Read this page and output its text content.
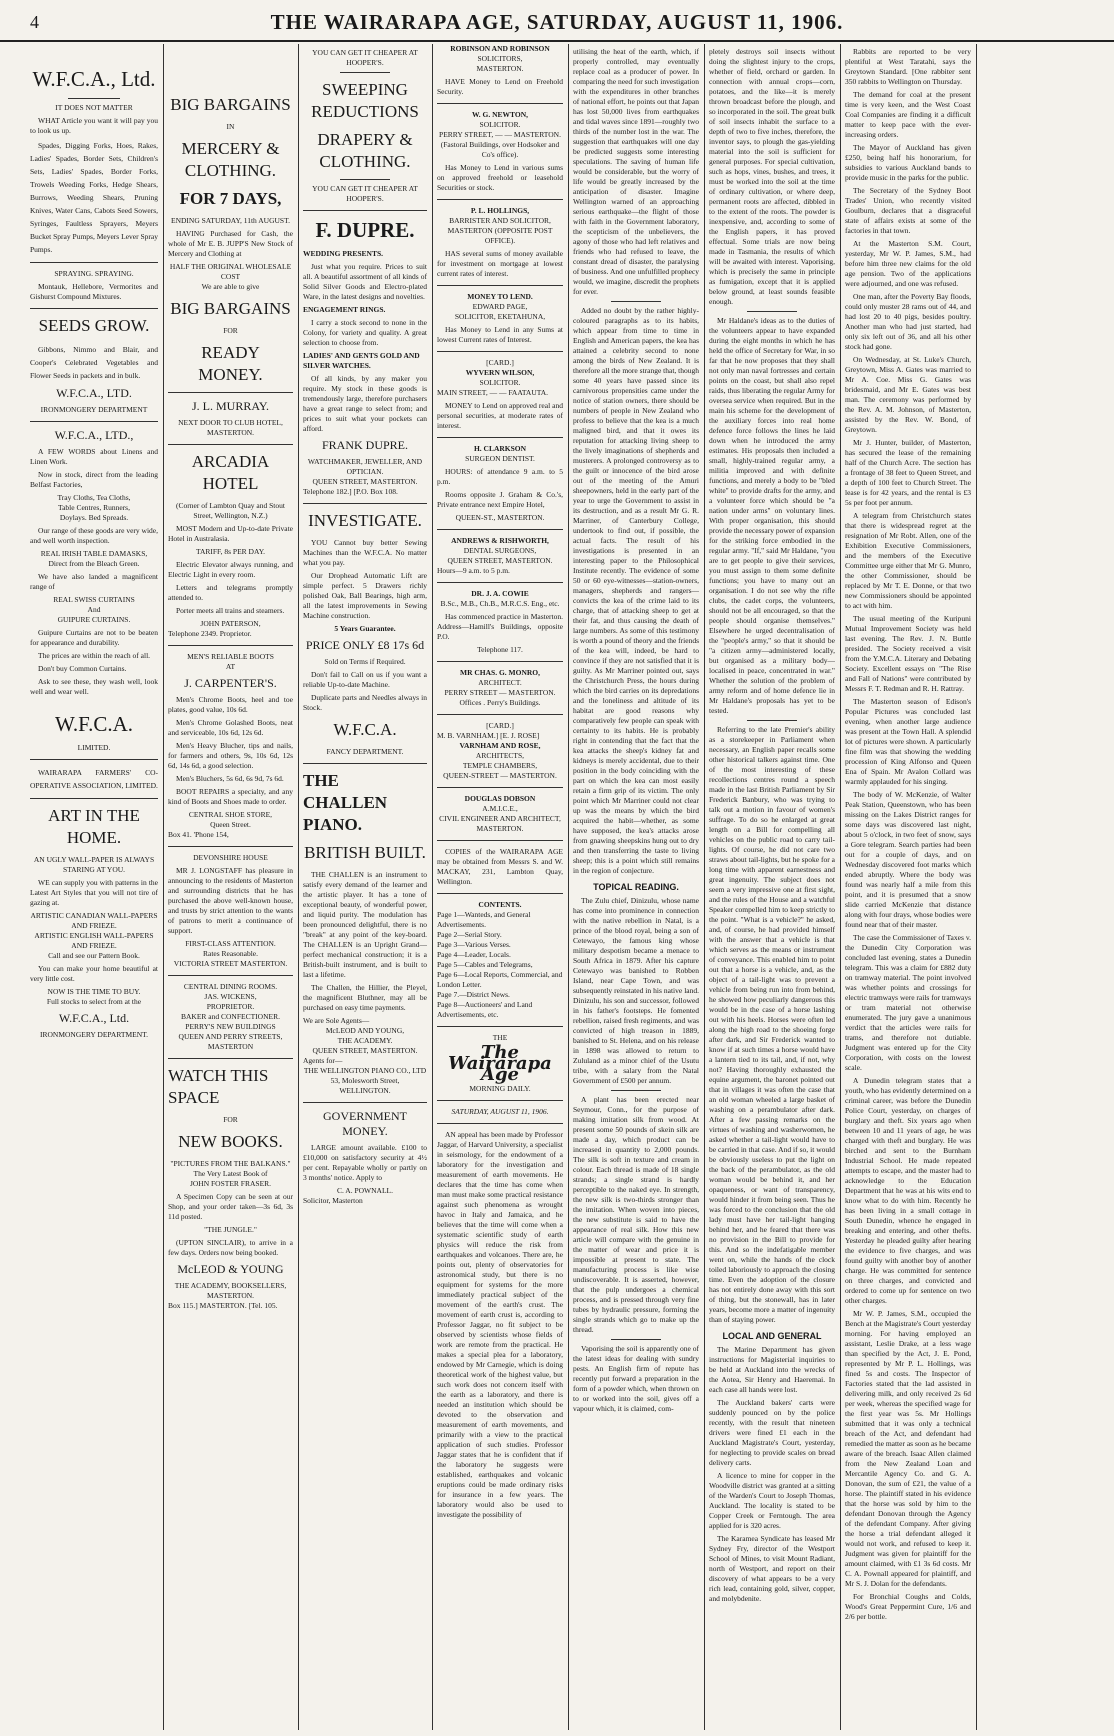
4	THE WAIRARAPA AGE, SATURDAY, AUGUST 11, 1906.
W.F.C.A., Ltd.
IT DOES NOT MATTER
WHAT Article you want it will pay you to look us up.
Spades, Digging Forks, Hoes, Rakes, Ladies' Spades, Border Sets, Children's Sets, Ladies' Spades, Border Forks, Trowels Weeding Forks, Hedge Shears, Burrows, Weeding Shears, Pruning Knives, Water Cans, Cabots Seed Sowers, Syringes, Faultless Sprayers, Meyers Bucket Spray Pumps, Meyers Lever Spray Pumps.
SPRAYING. SPRAYING.
Montauk, Hellebore, Vermorites and Gishurst Compound Mixtures.
SEEDS GROW.
Gibbons, Nimmo and Blair, and Cooper's Celebrated Vegetables and Flower Seeds in packets and in bulk.
W.F.C.A., LTD.
IRONMONGERY DEPARTMENT
W.F.C.A., LTD.,
A FEW WORDS about Linens and Linen Work.
Now in stock, direct from the leading Belfast Factories,
Tray Cloths, Tea Cloths,
Table Centres, Runners,
Doylays. Bed Spreads.
Our range of these goods are very wide, and well worth inspection.
REAL IRISH TABLE DAMASKS,
Direct from the Bleach Green.
We have also landed a magnificent range of
REAL SWISS CURTAINS
And
GUIPURE CURTAINS.
Guipure Curtains are not to be beaten for appearance and durability.
The prices are within the reach of all.
Don't buy Common Curtains.
Ask to see these, they wash well, look well and wear well.
W.F.C.A.
LIMITED.
WAIRARAPA FARMERS' CO-OPERATIVE ASSOCIATION, LIMITED.
ART IN THE HOME.
AN UGLY WALL-PAPER IS ALWAYS STARING AT YOU.
WE can supply you with patterns in the Latest Art Styles that you will not tire of gazing at.
ARTISTIC CANADIAN WALL-PAPERS AND FRIEZE.
ARTISTIC ENGLISH WALL-PAPERS AND FRIEZE.
Call and see our Pattern Book.
You can make your home beautiful at very little cost.
NOW IS THE TIME TO BUY.
Full stocks to select from at the
W.F.C.A., Ltd.
IRONMONGERY DEPARTMENT.
BIG BARGAINS
IN
MERCERY & CLOTHING.
FOR 7 DAYS,
ENDING SATURDAY, 11th AUGUST.
HAVING Purchased for Cash, the whole of Mr E. B. JUPP'S New Stock of Mercery and Clothing at
HALF THE ORIGINAL WHOLESALE COST
We are able to give
BIG BARGAINS
FOR
READY MONEY.
J. L. MURRAY.
NEXT DOOR TO CLUB HOTEL, MASTERTON.
ARCADIA HOTEL
(Corner of Lambton Quay and Stout Street, Wellington, N.Z.)
MOST Modern and Up-to-date Private Hotel in Australasia.
TARIFF, 8s PER DAY.
Electric Elevator always running, and Electric Light in every room.
Letters and telegrams promptly attended to.
Porter meets all trains and steamers.
JOHN PATERSON,
Telephone 2349. Proprietor.
MEN'S RELIABLE BOOTS
AT
J. CARPENTER'S.
Men's Chrome Boots, heel and toe plates, good value, 10s 6d.
Men's Chrome Golashed Boots, neat and serviceable, 10s 6d, 12s 6d.
Men's Heavy Blucher, tips and nails, for farmers and others, 9s, 10s 6d, 12s 6d, 14s 6d, a good selection.
Men's Bluchers, 5s 6d, 6s 9d, 7s 6d.
BOOT REPAIRS a specialty, and any kind of Boots and Shoes made to order.
CENTRAL SHOE STORE,
Queen Street.
Box 41. 'Phone 154,
DEVONSHIRE HOUSE
MR J. LONGSTAFF has pleasure in announcing to the residents of Masterton and surrounding districts that he has purchased the above well-known house, and trusts by strict attention to the wants of patrons to merit a continuance of support.
FIRST-CLASS ATTENTION.
Rates Reasonable.
VICTORIA STREET MASTERTON.
CENTRAL DINING ROOMS.
JAS. WICKENS,
PROPRIETOR.
BAKER and CONFECTIONER.
PERRY'S NEW BUILDINGS
QUEEN AND PERRY STREETS,
MASTERTON
WATCH THIS SPACE
FOR
NEW BOOKS.
"PICTURES FROM THE BALKANS."
The Very Latest Book of
JOHN FOSTER FRASER.
A Specimen Copy can be seen at our Shop, and your order taken—3s 6d, 3s 11d posted.
"THE JUNGLE."
(UPTON SINCLAIR), to arrive in a few days. Orders now being booked.
McLEOD & YOUNG
THE ACADEMY, BOOKSELLERS, MASTERTON.
Box 115.] MASTERTON. [Tel. 105.
YOU CAN GET IT CHEAPER AT HOOPER'S.
SWEEPING REDUCTIONS
DRAPERY & CLOTHING.
YOU CAN GET IT CHEAPER AT HOOPER'S.
F. DUPRE.
WEDDING PRESENTS.
Just what you require. Prices to suit all. A beautiful assortment of all kinds of Solid Silver Goods and Electro-plated Ware, in the latest designs and novelties.
ENGAGEMENT RINGS.
I carry a stock second to none in the Colony, for variety and quality. A great selection to choose from.
LADIES' AND GENTS GOLD AND SILVER WATCHES.
Of all kinds, by any maker you require. My stock in these goods is tremendously large, therefore purchasers have a great range to select from; and prices to suit what your pockets can afford.
FRANK DUPRE.
WATCHMAKER, JEWELLER, AND OPTICIAN.
QUEEN STREET, MASTERTON.
Telephone 182.] [P.O. Box 108.
INVESTIGATE.
YOU Cannot buy better Sewing Machines than the W.F.C.A. No matter what you pay.
Our Drophead Automatic Lift are simple perfect. 5 Drawers richly polished Oak, Ball Bearings, high arm, all the latest improvements in Sewing Machine construction.
5 Years Guarantee.
PRICE ONLY £8 17s 6d
Sold on Terms if Required.
Don't fail to Call on us if you want a reliable Up-to-date Machine.
Duplicate parts and Needles always in Stock.
W.F.C.A.
FANCY DEPARTMENT.
THE CHALLEN PIANO.
BRITISH BUILT.
THE CHALLEN is an instrument to satisfy every demand of the learner and the artistic player. It has a tone of exceptional beauty, of wonderful power, and liquid purity. The modulation has been pronounced delightful, there is no "break" at any point of the key-board. The CHALLEN is an Upright Grand—perfect mechanical construction; it is a British-built instrument, and is built to last a lifetime.
The Challen, the Hillier, the Pleyel, the magnificent Bluthner, may all be purchased on easy time payments.
We are Sole Agents—
McLEOD AND YOUNG,
THE ACADEMY.
QUEEN STREET, MASTERTON.
Agents for—
THE WELLINGTON PIANO CO., LTD
53, Molesworth Street,
WELLINGTON.
GOVERNMENT MONEY.
LARGE amount available. £100 to £10,000 on satisfactory security at 4½ per cent. Repayable wholly or partly on 3 months' notice. Apply to
C. A. POWNALL.
Solicitor, Masterton
ROBINSON AND ROBINSON
SOLICITORS,
MASTERTON.
HAVE Money to Lend on Freehold Security.
W. G. NEWTON,
SOLICITOR.
PERRY STREET, — — MASTERTON.
(Fastoral Buildings, over Hodsoker and Co's office).
Has Money to Lend in various sums on approved freehold or leasehold Securities or stock.
P. L. HOLLINGS,
BARRISTER AND SOLICITOR,
MASTERTON (OPPOSITE POST OFFICE).
HAS several sums of money available for investment on mortgage at lowest current rates of interest.
MONEY TO LEND.
EDWARD PAGE,
SOLICITOR, EKETAHUNA,
Has Money to Lend in any Sums at lowest Current rates of Interest.
[CARD.]
WYVERN WILSON,
SOLICITOR.
MAIN STREET, — — FAATAUTA.
MONEY to Lend on approved real and personal securities, at moderate rates of interest.
H. CLARKSON
SURGEON DENTIST.
HOURS: of attendance 9 a.m. to 5 p.m.
Rooms opposite J. Graham & Co.'s, Private entrance next Empire Hotel,
QUEEN-ST., MASTERTON.
ANDREWS & RISHWORTH,
DENTAL SURGEONS,
QUEEN STREET, MASTERTON.
Hours—9 a.m. to 5 p.m.
DR. J. A. COWIE
B.Sc., M.B., Ch.B., M.R.C.S. Eng., etc.
Has commenced practice in Masterton. Address—Hamill's Buildings, opposite P.O.
Telephone 117.
MR CHAS. G. MONRO,
ARCHITECT.
PERRY STREET — MASTERTON.
Offices . Perry's Buildings.
[CARD.]
M. B. VARNHAM.] [E. J. ROSE]
VARNHAM AND ROSE,
ARCHITECTS,
TEMPLE CHAMBERS,
QUEEN-STREET — MASTERTON.
DOUGLAS DOBSON
A.M.I.C.E.,
CIVIL ENGINEER AND ARCHITECT,
MASTERTON.
COPIES of the WAIRARAPA AGE may be obtained from Messrs S. and W. MACKAY, 231, Lambton Quay, Wellington.
CONTENTS.
Page 1—Wanteds, and General Advertisements.
Page 2—Serial Story.
Page 3—Various Verses.
Page 4—Leader, Locals.
Page 5—Cables and Telegrams,
Page 6—Local Reports, Commercial, and London Letter.
Page 7.—District News.
Page 8—Auctioneers' and Land Advertisements, etc.
THE
The Wairarapa Age
MORNING DAILY.
SATURDAY, AUGUST 11, 1906.
AN appeal has been made by Professor Jaggar, of Harvard University, a specialist in seismology, for the endowment of a laboratory for the investigation and measurement of earth movements. He declares that the time has come when man must make some practical resistance against such phenomena as wrought havoc in Italy and Jamaica, and he believes that the time will come when a systematic scientific study of earth physics will reduce the risk from earthquakes and volcanoes. There are, he points out, plenty of observatories for astronomical study, but there is no equipment for systems for the more immediately practical subject of the movement of the earth's crust. The movement of earth crust is, according to Professor Jaggar, no fit subject to be observed by scientists whose fields of work are remote from the practical. He makes a special plea for a laboratory, endowed by Mr Carnegie, which is doing theoretical work of the highest value, but such work does not concern itself with the earth as a laboratory, and there is needed an institution which should be devoted to the observation and measurement of earth movements, and primarily with a view to the practical application of such studies. Professor Jaggar states that he is confident that if the laboratory he suggests were established, earthquakes and volcanic eruptions could be made ordinary risks for insurance in a few years. The laboratory would also be used to investigate the possibility of
utilising the heat of the earth, which, if properly controlled, may eventually replace coal as a producer of power. In comparing the need for such investigation with the expenditures in other branches of national effort, he points out that Japan has lost 50,000 lives from earthquakes and tidal waves since 1891—roughly two thirds of the number lost in the war. The suggestion that earthquakes will one day be predicted suggests some interesting speculations. The saving of human life would be considerable, but the worry of life would be greatly increased by the anticipation of disaster. Imagine Wellington warned of an approaching serious earthquake—the flight of those with faith in the Government laboratory, the scepticism of the unbelievers, the agony of those who had left relatives and friends who had refused to leave, the constant dread of disaster, the paralysing of business. And one unfulfilled prophecy would, we imagine, discredit the prophets for ever.
Added no doubt by the rather highly-coloured paragraphs as to its habits, which appear from time to time in English and American papers, the kea has attained a celebrity second to none among the birds of New Zealand. It is therefore all the more strange that, though some 40 years have passed since its carnivorous propensities came under the notice of station owners, there should be numbers of people in New Zealand who profess to believe that the kea is a much maligned bird, and that it owes its reputation for attacking living sheep to the lively imaginations of shepherds and musterers. A prolonged controversy as to the guilt or innocence of the bird arose out of the meeting of the Amuri sheepowners, held in the early part of the year to urge the Government to assist in its destruction, and as a result Mr G. R. Marriner, of Canterbury College, undertook to find out, if possible, the actual facts. The result of his investigations is presented in an interesting paper to the Philosophical Institute recently. The evidence of some 50 or 60 eye-witnesses—station-owners, managers, shepherds and rangers—convicts the kea of the crime laid to its charge, that of attacking sheep to get at their fat, and thus causing the death of large numbers. As some of this testimony is worth a pound of theory and the friends of the kea will, indeed, be hard to convince if they are not satisfied that it is guilty. As Mr Marriner pointed out, says the Christchurch Press, the hours during which the bird carries on its depredations and the loneliness and altitude of its habitat are good reasons why comparatively few people can speak with certainty to its habits. He is probably right in contending that the fact that the kea attacks the sheep's kidney fat and kidneys is merely accidental, due to their position in the body coinciding with the part on which the kea can most easily retain a firm grip of its victim. The only point which Mr Marriner could not clear up was the means by which the bird acquired the habit—whether, as some have supposed, the kea's attacks arose from gnawing sheepskins hung out to dry and then transferring the taste to living sheep; this is a point which still remains in the region of conjecture.
TOPICAL READING.
The Zulu chief, Dinizulu, whose name has come into prominence in connection with the native rebellion in Natal, is a prince of the blood royal, being a son of Cetewayo, the famous king whose military despotism became a menace to South Africa in 1879. After his capture Cetewayo was banished to Robben Island, near Cape Town, and was subsequently reinstated in his native land. Dinizulu, his son and successor, followed in his father's footsteps. He fomented rebellion, raised fresh regiments, and was convicted of high treason in 1889, banished to St. Helena, and on his release in 1898 was allowed to return to Zululand as a minor chief of the Usutu tribe, with a salary from the Natal Government of £500 per annum.
A plant has been erected near Seymour, Conn., for the purpose of making imitation silk from wood. At present some 50 pounds of skein silk are made a day, which product can be increased in quantity to 2,000 pounds. The silk is soft in texture and cream in colour. Each thread is made of 18 single strands; a single strand is hardly perceptible to the naked eye. In strength, the new silk is two-thirds stronger than the imitation. When woven into pieces, the new substitute is said to have the appearance of real silk. How this new article will compare with the genuine in the matter of wear and price it is impossible at present to state. The manufacturing process is like wise undiscoverable. It is asserted, however, that the pulp undergoes a chemical process, and is pressed through very fine tubes by hydraulic pressure, forming the single strands which go to make up the thread.
Vaporising the soil is apparently one of the latest ideas for dealing with sundry pests. An English firm of repute has recently put forward a preparation in the form of a powder which, when thrown on to or worked into the soil, gives off a vapour which, it is claimed, com-
pletely destroys soil insects without doing the slightest injury to the crops, whether of field, orchard or garden. In connection with annual crops—corn, potatoes, and the like—it is merely thrown broadcast before the plough, and so incorporated in the soil. The great bulk of soil insects inhabit the surface to a depth of two to five inches, therefore, the inventor says, to plough the gas-yielding material into the soil is sufficient for general purposes. For special cultivation, such as hops, vines, bushes, and trees, it must be worked into the soil at the time of ordinary cultivation, or where deep, permanent roots are affected, dibbled in to the extent of the roots. The powder is inexpensive, and, according to some of the English papers, it has proved effectual. Some trials are now being made in Tasmania, the results of which will be awaited with interest. Vaporising, which is precisely the same in principle as fumigation, except that it is applied below ground, at least sounds feasible enough.
Mr Haldane's ideas as to the duties of the volunteers appear to have expanded during the eight months in which he has held the office of Secretary for War, in so far that he now proposes that they shall not only man naval fortresses and certain points on the coast, but shall also repel raids, thus liberating the regular Army for oversea service when required. But in the main his scheme for the development of the auxiliary forces into real home defence force follows the lines he laid down when he introduced the army estimates. His proposals then included a small, highly-trained regular army, a militia improved and with definite functions, and merely a body to be "bled white" to provide drafts for the army, and a volunteer force which should be "a nation under arms" on voluntary lines. With proper organisation, this should provide the necessary power of expansion for the striking force embodied in the regular army. "If," said Mr Haldane, "you are to get people to give their services, you must assign to them some definite functions; you have to many out an organisation. I do not see why the rifle clubs, the cadet corps, the volunteers, should not be all encouraged, so that the people should organise themselves." Elsewhere he urged decentralisation of the "people's army," so that it should be "a citizen army—administered locally, but organised as a military body—localised in peace, concentrated in war." Whether the solution of the problem of army reform and of home defence lie in Mr Haldane's proposals has yet to be tested.
Referring to the late Premier's ability as a storekeeper in Parliament when necessary, an English paper recalls some other historical talkers against time. One of the most interesting of these recollections centres round a speech made in the last British Parliament by Sir Frederick Banbury, who was trying to talk out a motion in favour of women's suffrage. To do so he enlarged at great length on a Bill for compelling all vehicles on the public road to carry tail-lights. Of course, he did not care two straws about tail-lights, but he spoke for a long time with apparent earnestness and great ingenuity. The subject does not seem a very impressive one at first sight, and the rules of the House and a watchful Speaker compelled him to keep strictly to the point. "What is a vehicle?" he asked, and, of course, he had provided himself with the answer that a vehicle is that which serves as the means or instrument of conveyance. This enabled him to point out that a horse is a vehicle, and, as the object of a tail-light was to prevent a vehicle from being run into from behind, he showed how peculiarly dangerous this would be in the case of a horse lashing out with his heels. Horses were often led along the high road to the shoeing forge after dark, and Sir Frederick wanted to know if at such times a horse would have a lantern tied to its tail, and, if not, why not? Having thoroughly exhausted the equine argument, the baronet pointed out that in villages it was often the case that an old woman wheeled a large basket of washing on a perambulator after dark. After a few passing remarks on the virtues of washing and washerwomen, he asked whether a tail-light would have to be carried in that case. And if so, it would be obviously useless to put the light on the back of the perambulator, as the old woman would be behind it, and her opaqueness, or want of transparency, would hinder it from being seen. Thus he was forced to the conclusion that the old lady must have her tail-light hanging behind her, and he feared that there was no provision in the Bill to provide for this. And so the indefatigable member went on, while the hands of the clock toiled laboriously to approach the closing time. Even the adoption of the closure has not entirely done away with this sort of thing, but the stonewall, has in later years, become more a matter of ingenuity than of staying power.
LOCAL AND GENERAL
The Marine Department has given instructions for Magisterial inquiries to be held at Auckland into the wrecks of the Aotea, Sir Henry and Haeremai. In each case all hands were lost.
The Auckland bakers' carts were suddenly pounced on by the police recently, with the result that nineteen drivers were fined £1 each in the Auckland Magistrate's Court, yesterday, for neglecting to provide scales on bread delivery carts.
A licence to mine for copper in the Woodville district was granted at a sitting of the Warden's Court to Joseph Thomas, Auckland. The locality is stated to be Copper Creek or Ferntough. The area applied for is 320 acres.
The Karamea Syndicate has leased Mr Sydney Fry, director of the Westport School of Mines, to visit Mount Radiant, north of Westport, and report on their discovery of what appears to be a very rich lead, containing gold, silver, copper, and molybdenite.
Rabbits are reported to be very plentiful at West Taratahi, says the Greytown Standard. [One rabbiter sent 350 rabbits to Wellington on Thursday.
The demand for coal at the present time is very keen, and the West Coast Coal Companies are finding it a difficult matter to keep pace with the ever-increasing orders.
The Mayor of Auckland has given £250, being half his honorarium, for subsidies to various Auckland bands to provide music in the parks for the public.
The Secretary of the Sydney Boot Trades' Union, who recently visited Goulburn, declares that a disgraceful state of affairs exists at some of the factories in that town.
At the Masterton S.M. Court, yesterday, Mr W. P. James, S.M., had before him three new claims for the old age pension. Two of the applications were adjourned, and one was refused.
One man, after the Poverty Bay floods, could only muster 28 rams out of 44, and had lost 20 to 40 pigs, besides poultry. Another man who had just started, had only six left out of 36, and all his other stock had gone.
On Wednesday, at St. Luke's Church, Greytown, Miss A. Gates was married to Mr A. Coe. Miss G. Gates was bridesmaid, and Mr E. Gates was best man. The ceremony was performed by the Rev. A. M. Johnson, of Masterton, assisted by the Rev. W. Bond, of Greytown.
Mr J. Hunter, builder, of Masterton, has secured the lease of the remaining half of the Church Acre. The section has a frontage of 38 feet to Queen Street, and a depth of 100 feet to Church Street. The lease is for 42 years, and the rental is £3 5s per foot per annum.
A telegram from Christchurch states that there is widespread regret at the resignation of Mr Robt. Allen, one of the Exhibition Executive Commissioners, and the members of the Executive Committee urge either that Mr G. Munro, the other Commissioner, should be replaced by Mr T. E. Donne, or that two new Commissioners should be appointed to act with him.
The usual meeting of the Kuripuni Mutual Improvement Society was held last evening. The Rev. J. N. Buttle presided. The Society received a visit from the Y.M.C.A. Literary and Debating Society. Excellent essays on "The Rise and Fall of Nations" were contributed by Messrs F. T. Redman and R. H. Rattray.
The Masterton season of Edison's Popular Pictures was concluded last evening, when another large audience was present at the Town Hall. A splendid lot of pictures were shown. A particularly fine film was that showing the wedding procession of King Alfonso and Queen Ena of Spain. Mr Avalon Collard was warmly applauded for his singing.
The body of W. McKenzie, of Walter Peak Station, Queenstown, who has been missing on the Lakes District ranges for some days was discovered last night, about 5 o'clock, in two feet of snow, says a Gore telegram. Search parties had been out for a couple of days, and on Wednesday discovered foot marks which ended abruptly. Where the body was found was nearly half a mile from this point, and it is presumed that a snow slide carried McKenzie that distance along with four drays, whose bodies were found near that of their master.
The case the Commissioner of Taxes v. the Dunedin City Corporation was concluded last evening, states a Dunedin telegram. This was a claim for £882 duty on tramway material. The point involved was whether points and crossings for electric tramways were rails for tramways or tram material not otherwise enumerated. The jury gave a unanimous verdict that the articles were rails for trams, and therefore not dutiable. Judgment was entered up for the City Corporation, with costs on the lowest scale.
A Dunedin telegram states that a youth, who has evidently determined on a criminal career, was before the Dunedin Police Court, yesterday, on charges of burglary and theft. Six years ago when between 10 and 11 years of age, he was charged with theft and burglary. He was birched and sent to the Burnham Industrial School. He made repeated attempts to escape, and the master had to acknowledge to the Education Department that he was at his wits end to know what to do with him. Recently he has been living in a small cottage in South Dunedin, whence he engaged in breaking and entering, and other thefts. Yesterday he pleaded guilty after hearing the evidence to five charges, and was found guilty with another boy of another charge. He was committed for sentence on three charges, and convicted and ordered to come up for sentence on two other charges.
Mr W. P. James, S.M., occupied the Bench at the Magistrate's Court yesterday morning. For having employed an assistant, Leslie Drake, at a less wage than specified by the Act, J. E. Pond, represented by Mr P. L. Hollings, was fined 5s and costs. The Inspector of Factories stated that the lad assisted in delivering milk, and only received 2s 6d per week, whereas the specified wage for the first year was 5s. Mr Hollings submitted that it was only a technical breach of the Act, and defendant had remedied the matter as soon as he became aware of the breach. Isaac Allen claimed from the New Zealand Loan and Mercantile Agency Co. and G. A. Donovan, the sum of £21, the value of a horse. The plaintiff stated in his evidence that the horse was sold by him to the defendant Donovan through the Agency of the defendant Company. After giving the horse a trial defendant alleged it would not work, and refused to keep it. Judgment was given for plaintiff for the amount claimed, with £1 3s 6d costs. Mr C. A. Pownall appeared for plaintiff, and Mr S. J. Dolan for the defendants.
For Bronchial Coughs and Colds, Wood's Great Peppermint Cure, 1/6 and 2/6 per bottle.
